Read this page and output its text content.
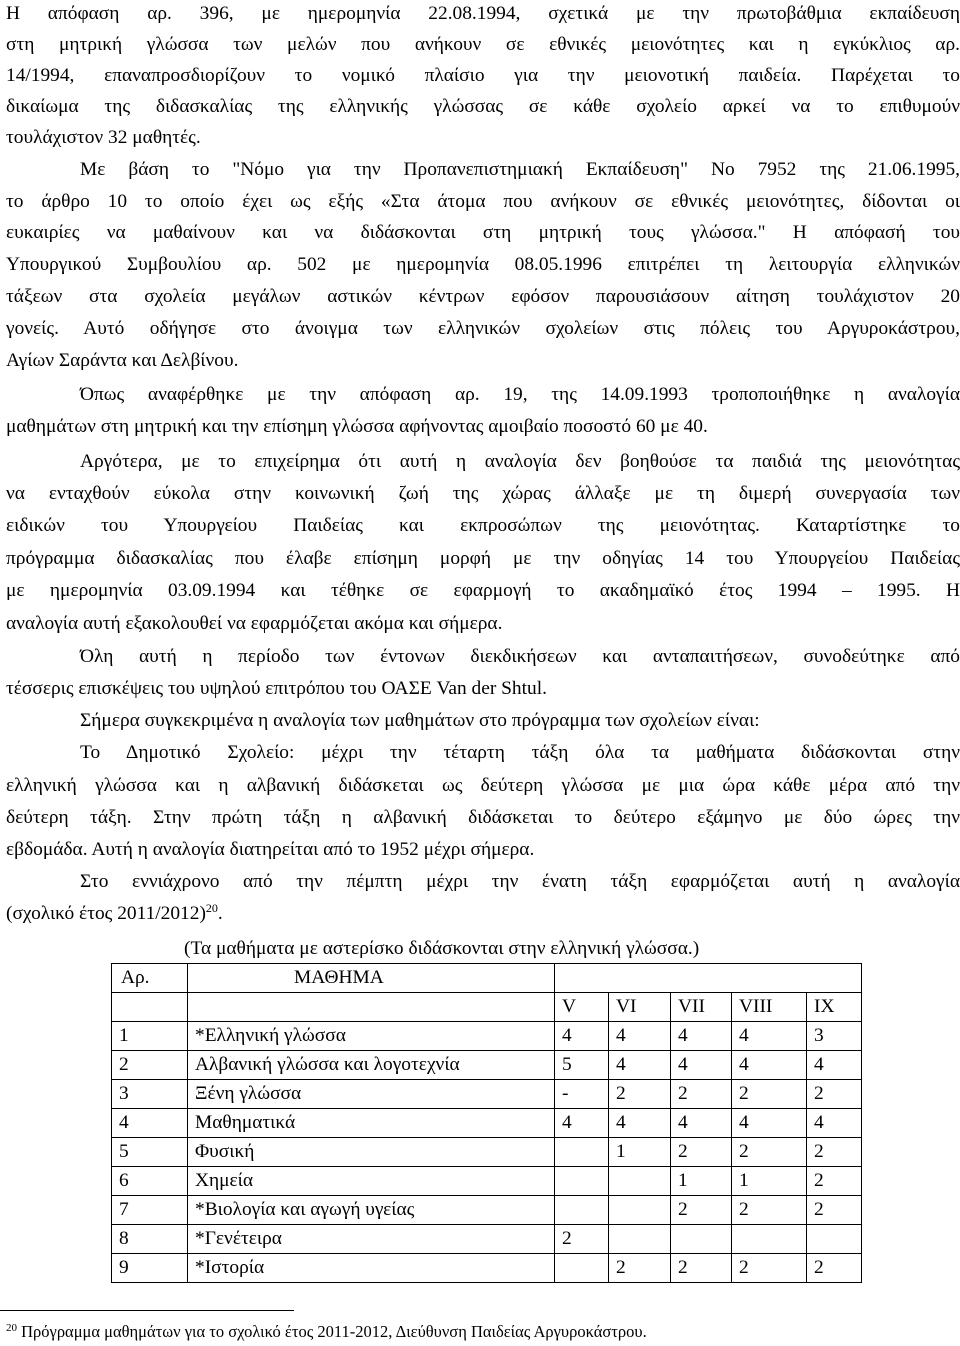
Η απόφαση αρ. 396, με ημερομηνία 22.08.1994, σχετικά με την πρωτοβάθμια εκπαίδευση
στη μητρική γλώσσα των μελών που ανήκουν σε εθνικές μειονότητες και η εγκύκλιος αρ.
14/1994, επαναπροσδιορίζουν το νομικό πλαίσιο για την μειονοτική παιδεία. Παρέχεται το
δικαίωμα της διδασκαλίας της ελληνικής γλώσσας σε κάθε σχολείο αρκεί να το επιθυμούν
τουλάχιστον 32 μαθητές.
Με βάση το "Νόμο για την Προπανεπιστημιακή Εκπαίδευση" Νο 7952 της 21.06.1995,
το άρθρο 10 το οποίο έχει ως εξής «Στα άτομα που ανήκουν σε εθνικές μειονότητες, δίδονται οι
ευκαιρίες να μαθαίνουν και να διδάσκονται στη μητρική τους γλώσσα." Η απόφασή του
Υπουργικού Συμβουλίου αρ. 502 με ημερομηνία 08.05.1996 επιτρέπει τη λειτουργία ελληνικών
τάξεων στα σχολεία μεγάλων αστικών κέντρων εφόσον παρουσιάσουν αίτηση τουλάχιστον 20
γονείς. Αυτό οδήγησε στο άνοιγμα των ελληνικών σχολείων στις πόλεις του Αργυροκάστρου,
Αγίων Σαράντα και Δελβίνου.
Όπως αναφέρθηκε με την απόφαση αρ. 19, της 14.09.1993 τροποποιήθηκε η αναλογία
μαθημάτων στη μητρική και την επίσημη γλώσσα αφήνοντας αμοιβαίο ποσοστό 60 με 40.
Αργότερα, με το επιχείρημα ότι αυτή η αναλογία δεν βοηθούσε τα παιδιά της μειονότητας
να ενταχθούν εύκολα στην κοινωνική ζωή της χώρας άλλαξε με τη διμερή συνεργασία των
ειδικών του Υπουργείου Παιδείας και εκπροσώπων της μειονότητας. Καταρτίστηκε το
πρόγραμμα διδασκαλίας που έλαβε επίσημη μορφή με την οδηγίας 14 του Υπουργείου Παιδείας
με ημερομηνία 03.09.1994 και τέθηκε σε εφαρμογή το ακαδημαϊκό έτος 1994 – 1995. Η
αναλογία αυτή εξακολουθεί να εφαρμόζεται ακόμα και σήμερα.
Όλη αυτή η περίοδο των έντονων διεκδικήσεων και ανταπαιτήσεων, συνοδεύτηκε από
τέσσερις επισκέψεις του υψηλού επιτρόπου του ΟΑΣΕ Van der Shtul.
Σήμερα συγκεκριμένα η αναλογία των μαθημάτων στο πρόγραμμα των σχολείων είναι:
Το Δημοτικό Σχολείο: μέχρι την τέταρτη τάξη όλα τα μαθήματα διδάσκονται στην
ελληνική γλώσσα και η αλβανική διδάσκεται ως δεύτερη γλώσσα με μια ώρα κάθε μέρα από την
δεύτερη τάξη. Στην πρώτη τάξη η αλβανική διδάσκεται το δεύτερο εξάμηνο με δύο ώρες την
εβδομάδα. Αυτή η αναλογία διατηρείται από το 1952 μέχρι σήμερα.
Στο εννιάχρονο από την πέμπτη μέχρι την ένατη τάξη εφαρμόζεται αυτή η αναλογία
(σχολικό έτος 2011/2012)$^{20}$.
(Τα μαθήματα με αστερίσκο διδάσκονται στην ελληνική γλώσσα.)
Αρ.	ΜΑΘΗΜΑ					
		V	VI	VII	VIII	IX
1	*Ελληνική γλώσσα	4	4	4	4	3
2	Αλβανική γλώσσα και λογοτεχνία	5	4	4	4	4
3	Ξένη γλώσσα	-	2	2	2	2
4	Μαθηματικά	4	4	4	4	4
5	Φυσική		1	2	2	2
6	Χημεία			1	1	2
7	*Βιολογία και αγωγή υγείας			2	2	2
8	*Γενέτειρα	2				
9	*Ιστορία		2	2	2	2
$^{20}$ Πρόγραμμα μαθημάτων για το σχολικό έτος 2011-2012, Διεύθυνση Παιδείας Αργυροκάστρου.
